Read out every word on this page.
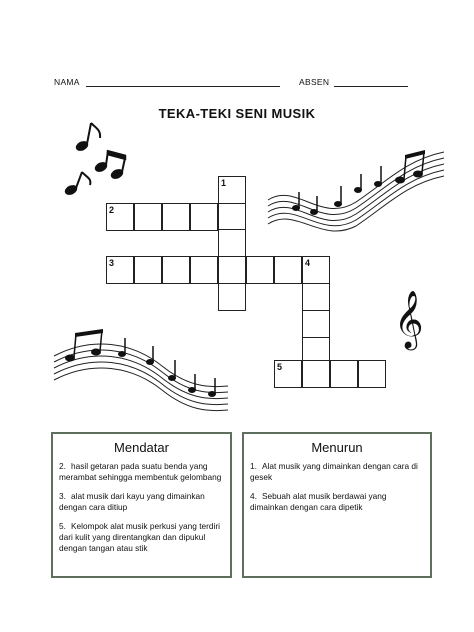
NAMA	ABSEN
TEKA-TEKI SENI MUSIK
𝄞
1
2
3	4
5
Mendatar
2. hasil getaran pada suatu benda yang merambat sehingga membentuk gelombang
3. alat musik dari kayu yang dimainkan dengan cara ditiup
5. Kelompok alat musik perkusi yang terdiri dari kulit yang direntangkan dan dipukul dengan tangan atau stik
Menurun
1. Alat musik yang dimainkan dengan cara di gesek
4. Sebuah alat musik berdawai yang dimainkan dengan cara dipetik
